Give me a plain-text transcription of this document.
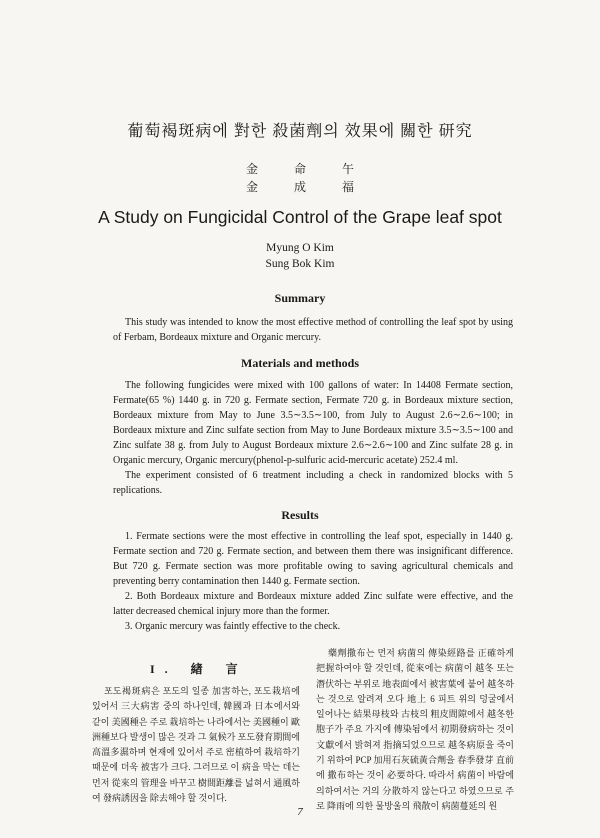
葡萄褐斑病에 對한 殺菌劑의 效果에 關한 研究
金	命	午
金	成	福
A Study on Fungicidal Control of the Grape leaf spot
Myung O Kim
Sung Bok Kim
Summary

This study was intended to know the most effective method of controlling the leaf spot by using of Ferbam, Bordeaux mixture and Organic mercury.

Materials and methods

The following fungicides were mixed with 100 gallons of water: In 14408 Fermate section, Fermate(65 %) 1440 g. in 720 g. Fermate section, Fermate 720 g. in Bordeaux mixture section, Bordeaux mixture from May to June 3.5∼3.5∼100, from July to August 2.6∼2.6∼100; in Bordeaux mixture and Zinc sulfate section from May to June Bordeaux mixture 3.5∼3.5∼100 and Zinc sulfate 38 g. from July to August Bordeaux mixture 2.6∼2.6∼100 and Zinc sulfate 28 g. in Organic mercury, Organic mercury(phenol-p-sulfuric acid-mercuric acetate) 252.4 ml.

The experiment consisted of 6 treatment including a check in randomized blocks with 5 replications.

Results

1. Fermate sections were the most effective in controlling the leaf spot, especially in 1440 g. Fermate section and 720 g. Fermate section, and between them there was insignificant difference. But 720 g. Fermate section was more profitable owing to saving agricultural chemicals and preventing berry contamination then 1440 g. Fermate section.

2. Both Bordeaux mixture and Bordeaux mixture added Zinc sulfate were effective, and the latter decreased chemical injury more than the former.

3. Organic mercury was faintly effective to the check.

I. 緖 言

포도褐斑病은 포도의 일종 加害하는, 포도栽培에 있어서 三大病害 중의 하나인데, 韓國과 日本에서와 같이 美國種은 주로 栽培하는 나라에서는 美國種이 歐洲種보다 발생이 많은 것과 그 氣候가 포도發育期間에 高溫多濕하며 현재에 있어서 주로 密植하여 栽培하기 때문에 더욱 被害가 크다. 그러므로 이 病을 막는 데는 먼저 從來의 管理을 바꾸고 樹間距離를 넓혀서 通風하여 發病誘因을 除去해야 할 것이다.

藥劑撒布는 먼저 病菌의 傳染經路를 正確하게 把握하여야 할 것인데, 從來에는 病菌이 越冬 또는 潛伏하는 부위로 地表面에서 被害葉에 붙어 越冬하는 것으로 알려져 오다 地上 6 피트 위의 덩굴에서 일어나는 結果母枝와 古枝의 粗皮間隙에서 越冬한 胞子가 주요 가지에 傳染됨에서 初期發病하는 것이 文獻에서 밝혀져 指摘되었으므로 越冬病原을 죽이기 위하여 PCP 加用石灰硫黃合劑을 春季發芽 直前에 撒布하는 것이 必要하다. 따라서 病菌이 바람에 의하여서는 거의 分散하지 않는다고 하였으므로 주로 降雨에 의한 물방울의 飛散이 病菌蔓延의 원

7
